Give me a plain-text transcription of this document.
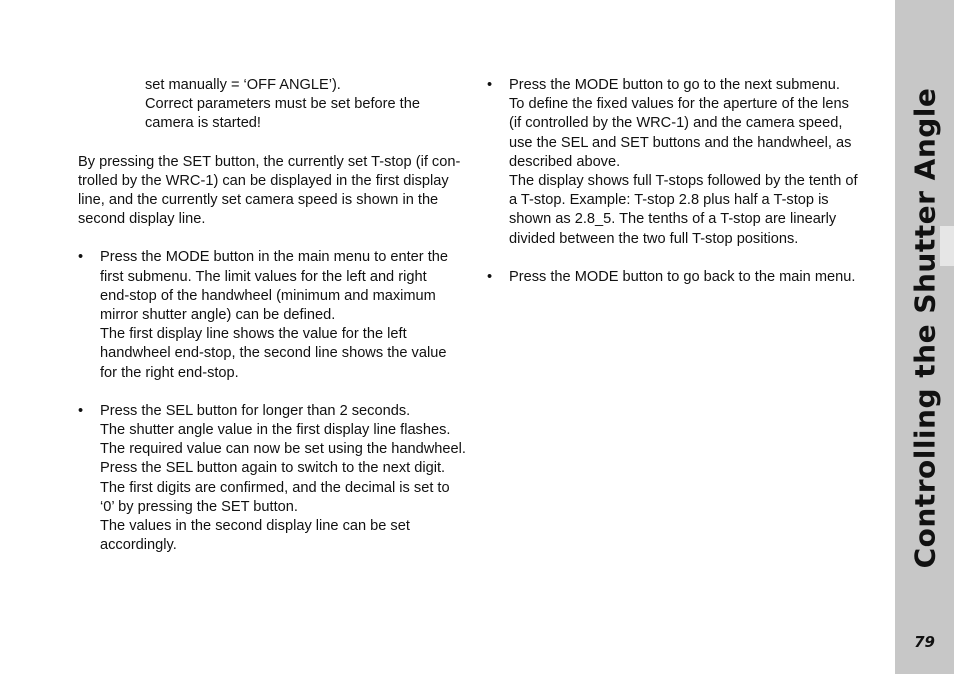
set manually = ‘OFF ANGLE’).
Correct parameters must be set before the
camera is started!
By pressing the SET button, the currently set T-stop (if con-
trolled by the WRC-1) can be displayed in the first display
line, and the currently set camera speed is shown in the
second display line.
• Press the MODE button in the main menu to enter the
first submenu. The limit values for the left and right
end-stop of the handwheel (minimum and maximum
mirror shutter angle) can be defined.
The first display line shows the value for the left
handwheel end-stop, the second line shows the value
for the right end-stop.
• Press the SEL button for longer than 2 seconds.
The shutter angle value in the first display line flashes.
The required value can now be set using the handwheel.
Press the SEL button again to switch to the next digit.
The first digits are confirmed, and the decimal is set to
‘0’ by pressing the SET button.
The values in the second display line can be set
accordingly.
• Press the MODE button to go to the next submenu.
To define the fixed values for the aperture of the lens
(if controlled by the WRC-1) and the camera speed,
use the SEL and SET buttons and the handwheel, as
described above.
The display shows full T-stops followed by the tenth of
a T-stop. Example: T-stop 2.8 plus half a T-stop is
shown as 2.8_5. The tenths of a T-stop are linearly
divided between the two full T-stop positions.
• Press the MODE button to go back to the main menu.	Controlling the Shutter Angle
79
